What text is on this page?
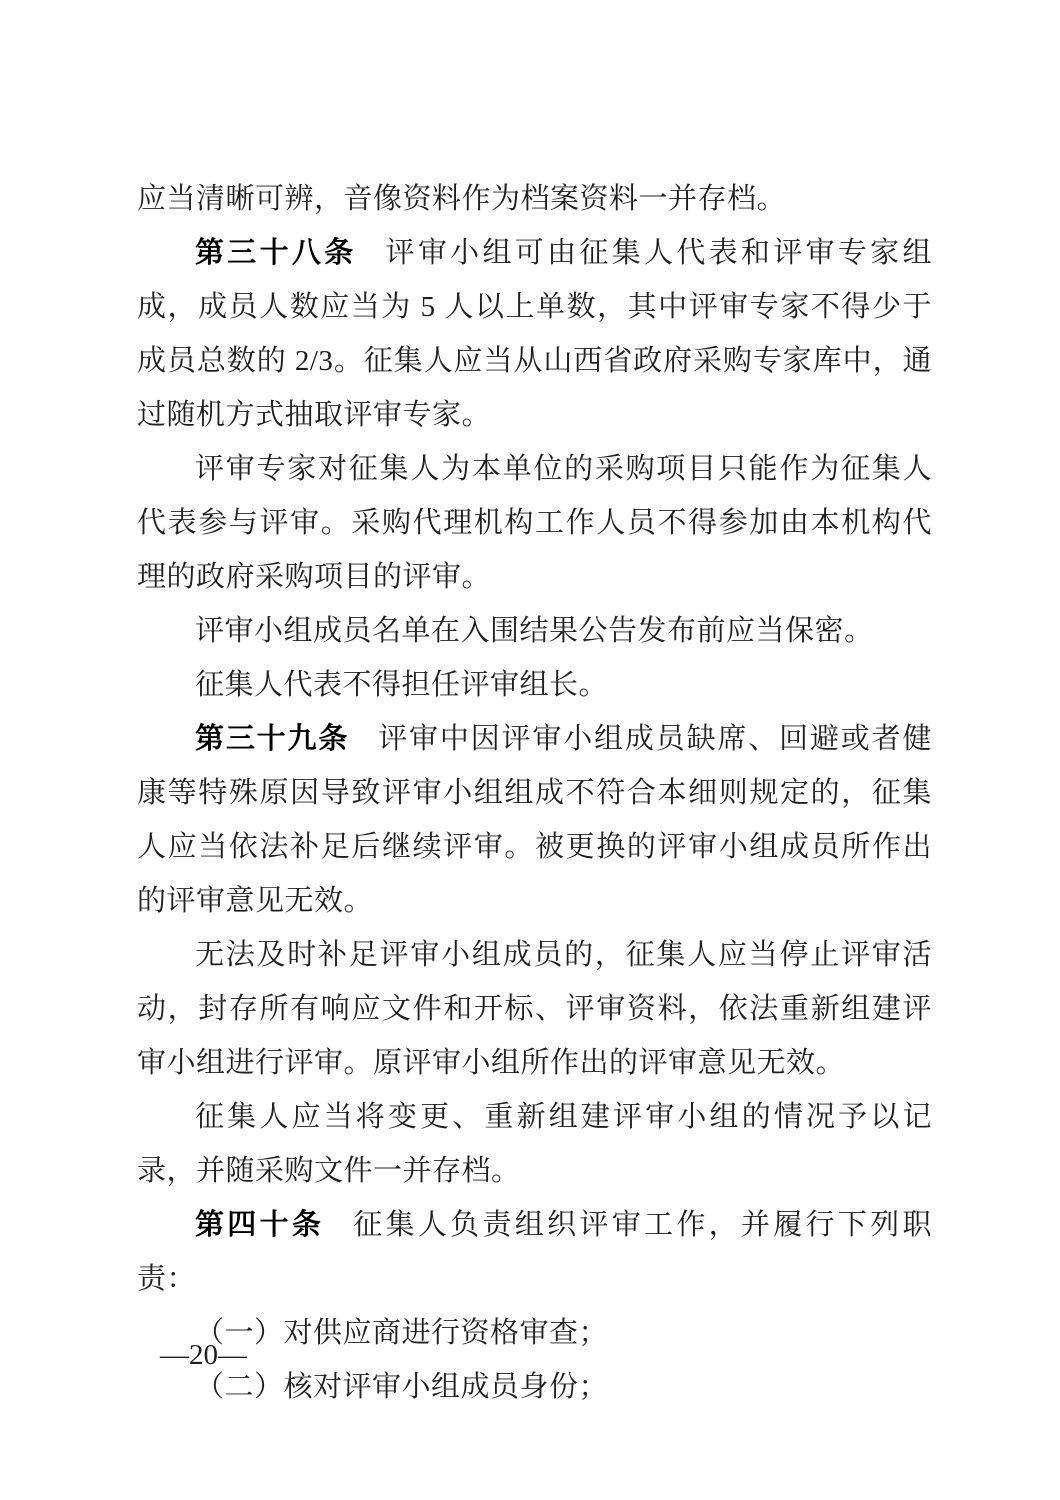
应当清晰可辨，音像资料作为档案资料一并存档。

第三十八条 评审小组可由征集人代表和评审专家组成，成员人数应当为 5 人以上单数，其中评审专家不得少于成员总数的 2/3。征集人应当从山西省政府采购专家库中，通过随机方式抽取评审专家。

评审专家对征集人为本单位的采购项目只能作为征集人代表参与评审。采购代理机构工作人员不得参加由本机构代理的政府采购项目的评审。

评审小组成员名单在入围结果公告发布前应当保密。

征集人代表不得担任评审组长。

第三十九条 评审中因评审小组成员缺席、回避或者健康等特殊原因导致评审小组组成不符合本细则规定的，征集人应当依法补足后继续评审。被更换的评审小组成员所作出的评审意见无效。

无法及时补足评审小组成员的，征集人应当停止评审活动，封存所有响应文件和开标、评审资料，依法重新组建评审小组进行评审。原评审小组所作出的评审意见无效。

征集人应当将变更、重新组建评审小组的情况予以记录，并随采购文件一并存档。

第四十条 征集人负责组织评审工作，并履行下列职责：

（一）对供应商进行资格审查；

（二）核对评审小组成员身份；

—20—
